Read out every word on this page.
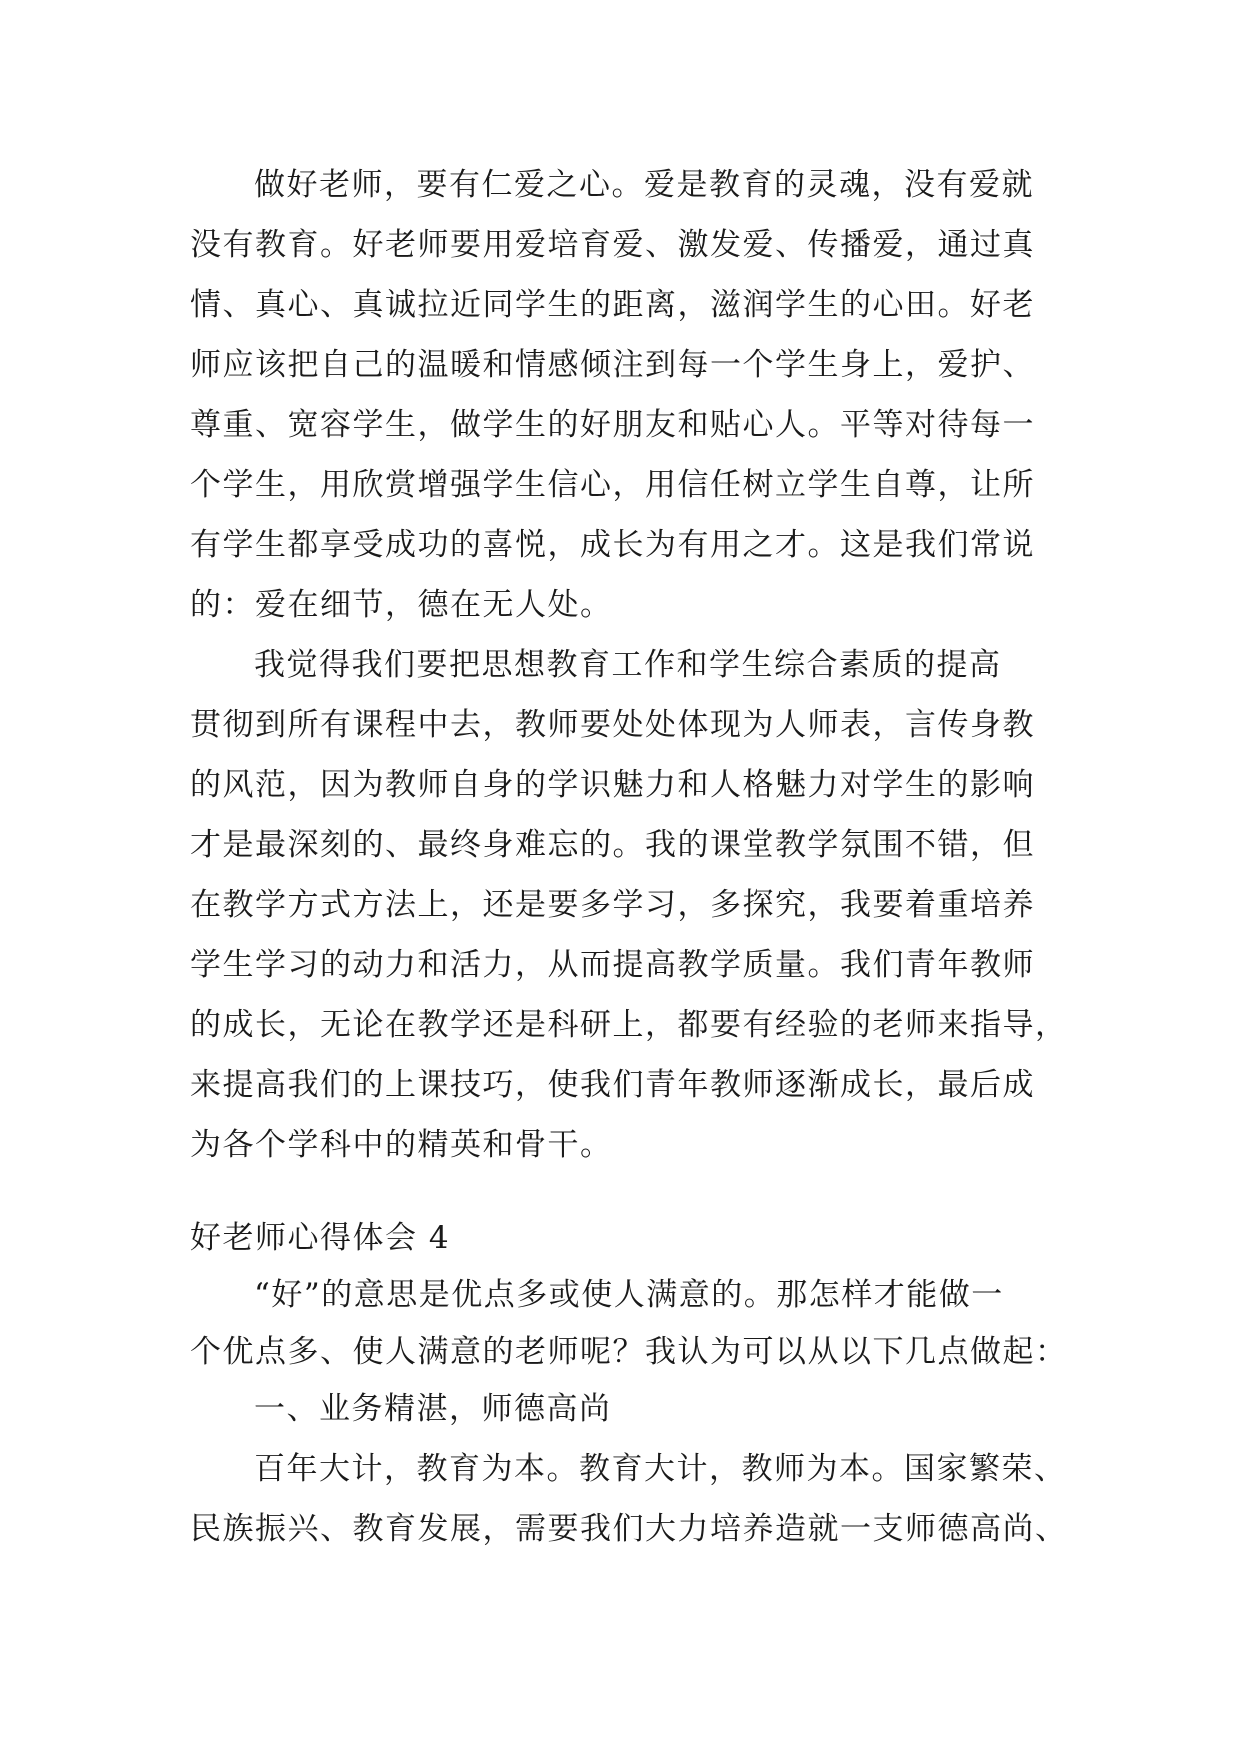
做好老师，要有仁爱之心。爱是教育的灵魂，没有爱就
没有教育。好老师要用爱培育爱、激发爱、传播爱，通过真
情、真心、真诚拉近同学生的距离，滋润学生的心田。好老
师应该把自己的温暖和情感倾注到每一个学生身上，爱护、
尊重、宽容学生，做学生的好朋友和贴心人。平等对待每一
个学生，用欣赏增强学生信心，用信任树立学生自尊，让所
有学生都享受成功的喜悦，成长为有用之才。这是我们常说
的：爱在细节，德在无人处。
我觉得我们要把思想教育工作和学生综合素质的提高
贯彻到所有课程中去，教师要处处体现为人师表，言传身教
的风范，因为教师自身的学识魅力和人格魅力对学生的影响
才是最深刻的、最终身难忘的。我的课堂教学氛围不错，但
在教学方式方法上，还是要多学习，多探究，我要着重培养
学生学习的动力和活力，从而提高教学质量。我们青年教师
的成长，无论在教学还是科研上，都要有经验的老师来指导，
来提高我们的上课技巧，使我们青年教师逐渐成长，最后成
为各个学科中的精英和骨干。
好老师心得体会 4
“好”的意思是优点多或使人满意的。那怎样才能做一
个优点多、使人满意的老师呢？我认为可以从以下几点做起：
一、业务精湛，师德高尚
百年大计，教育为本。教育大计，教师为本。国家繁荣、
民族振兴、教育发展，需要我们大力培养造就一支师德高尚、
